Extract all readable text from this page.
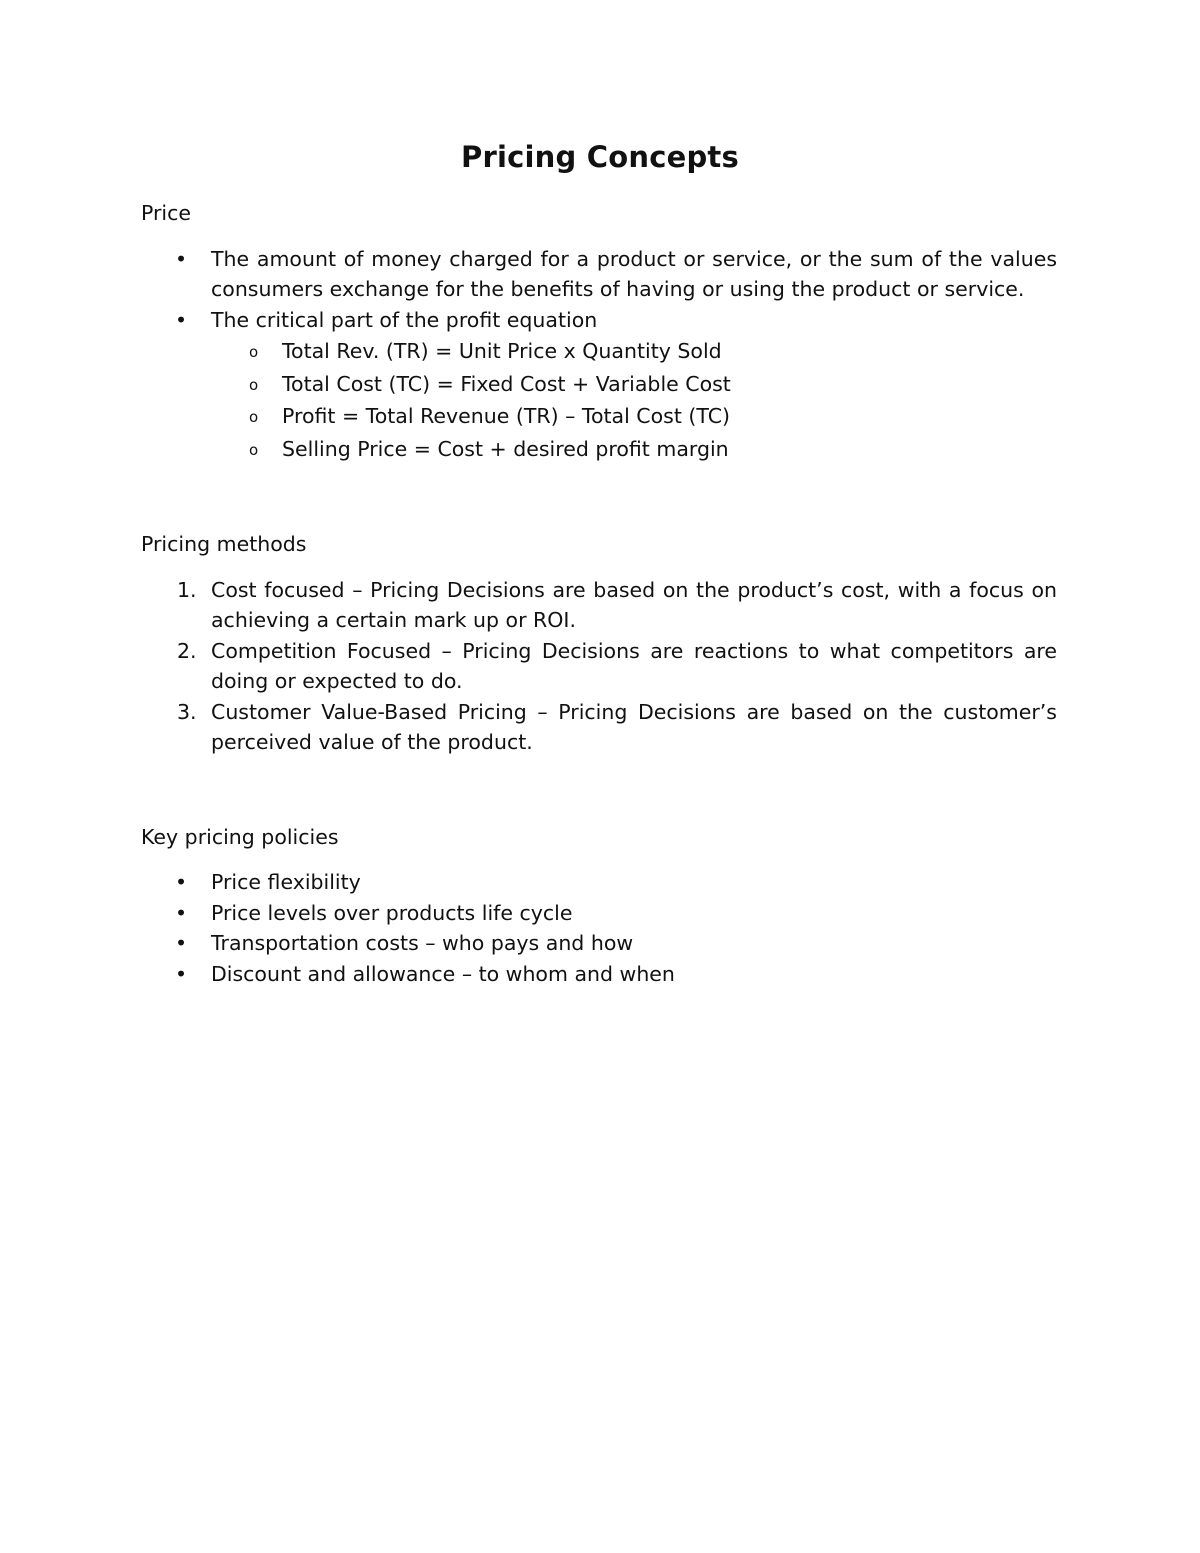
Pricing Concepts

Price

• The amount of money charged for a product or service, or the sum of the values consumers exchange for the benefits of having or using the product or service.
• The critical part of the profit equation
o Total Rev. (TR) = Unit Price x Quantity Sold
o Total Cost (TC) = Fixed Cost + Variable Cost
o Profit = Total Revenue (TR) – Total Cost (TC)
o Selling Price = Cost + desired profit margin

Pricing methods

1. Cost focused – Pricing Decisions are based on the product’s cost, with a focus on achieving a certain mark up or ROI.
2. Competition Focused – Pricing Decisions are reactions to what competitors are doing or expected to do.
3. Customer Value-Based Pricing – Pricing Decisions are based on the customer’s perceived value of the product.

Key pricing policies

• Price flexibility
• Price levels over products life cycle
• Transportation costs – who pays and how
• Discount and allowance – to whom and when
